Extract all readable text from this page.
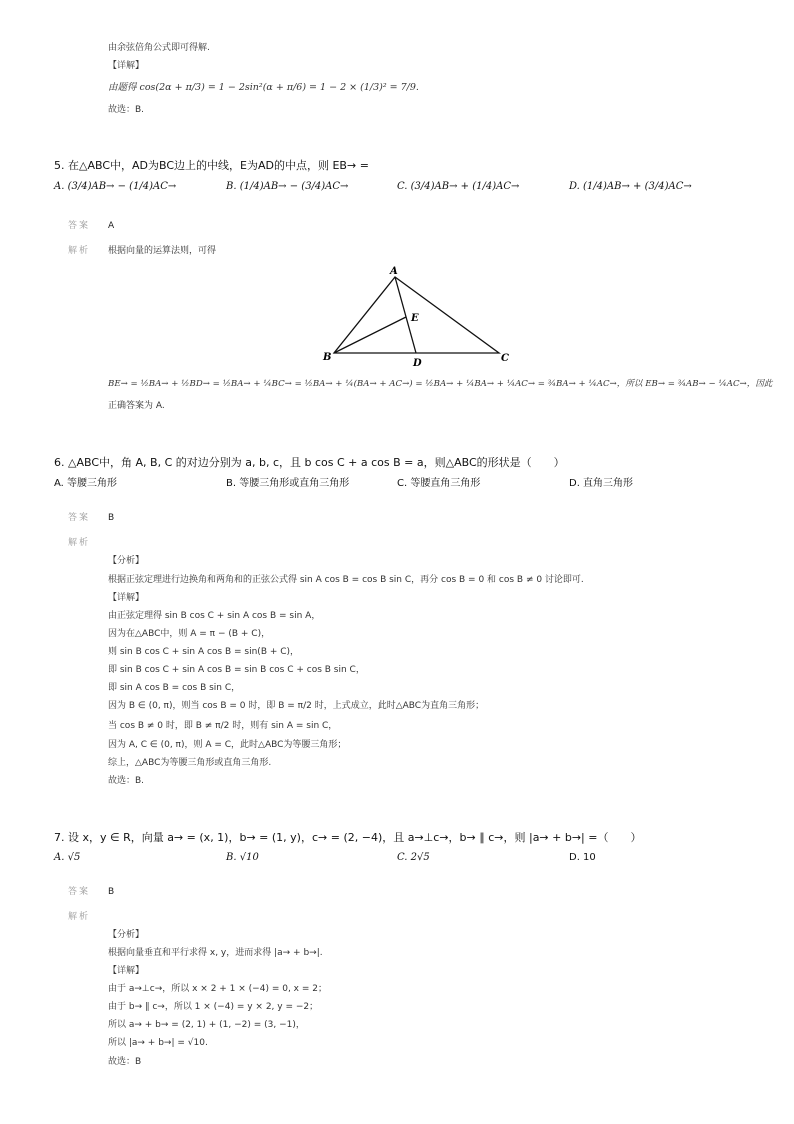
由余弦倍角公式即可得解.
【详解】
由题得 cos(2α + π/3) = 1 − 2sin²(α + π/6) = 1 − 2 × (1/3)² = 7/9.
故选：B.
5. 在△ABC中，AD为BC边上的中线，E为AD的中点，则 EB→ =
A. (3/4)AB→ − (1/4)AC→	B. (1/4)AB→ − (3/4)AC→	C. (3/4)AB→ + (1/4)AC→	D. (1/4)AB→ + (3/4)AC→
答案 A
解析 根据向量的运算法则，可得
A
E
B
D	C
BE→ = ½BA→ + ½BD→ = ½BA→ + ¼BC→ = ½BA→ + ¼(BA→ + AC→) = ½BA→ + ¼BA→ + ¼AC→ = ¾BA→ + ¼AC→，所以 EB→ = ¾AB→ − ¼AC→，因此
正确答案为 A.
6. △ABC中，角 A, B, C 的对边分别为 a, b, c，且 b cos C + a cos B = a，则△ABC的形状是（　　）
A. 等腰三角形	B. 等腰三角形或直角三角形	C. 等腰直角三角形	D. 直角三角形
答案 B
解析
【分析】
根据正弦定理进行边换角和两角和的正弦公式得 sin A cos B = cos B sin C，再分 cos B = 0 和 cos B ≠ 0 讨论即可.
【详解】
由正弦定理得 sin B cos C + sin A cos B = sin A，
因为在△ABC中，则 A = π − (B + C)，
则 sin B cos C + sin A cos B = sin(B + C)，
即 sin B cos C + sin A cos B = sin B cos C + cos B sin C，
即 sin A cos B = cos B sin C，
因为 B ∈ (0, π)，则当 cos B = 0 时，即 B = π/2 时，上式成立，此时△ABC为直角三角形；
当 cos B ≠ 0 时，即 B ≠ π/2 时，则有 sin A = sin C，
因为 A, C ∈ (0, π)，则 A = C，此时△ABC为等腰三角形；
综上，△ABC为等腰三角形或直角三角形.
故选：B.
7. 设 x，y ∈ R，向量 a→ = (x, 1)，b→ = (1, y)，c→ = (2, −4)，且 a→⊥c→，b→ ∥ c→，则 |a→ + b→| =（　　）
A. √5	B. √10	C. 2√5	D. 10
答案 B
解析
【分析】
根据向量垂直和平行求得 x, y，进而求得 |a→ + b→|.
【详解】
由于 a→⊥c→，所以 x × 2 + 1 × (−4) = 0, x = 2；
由于 b→ ∥ c→，所以 1 × (−4) = y × 2, y = −2；
所以 a→ + b→ = (2, 1) + (1, −2) = (3, −1)，
所以 |a→ + b→| = √10.
故选：B
